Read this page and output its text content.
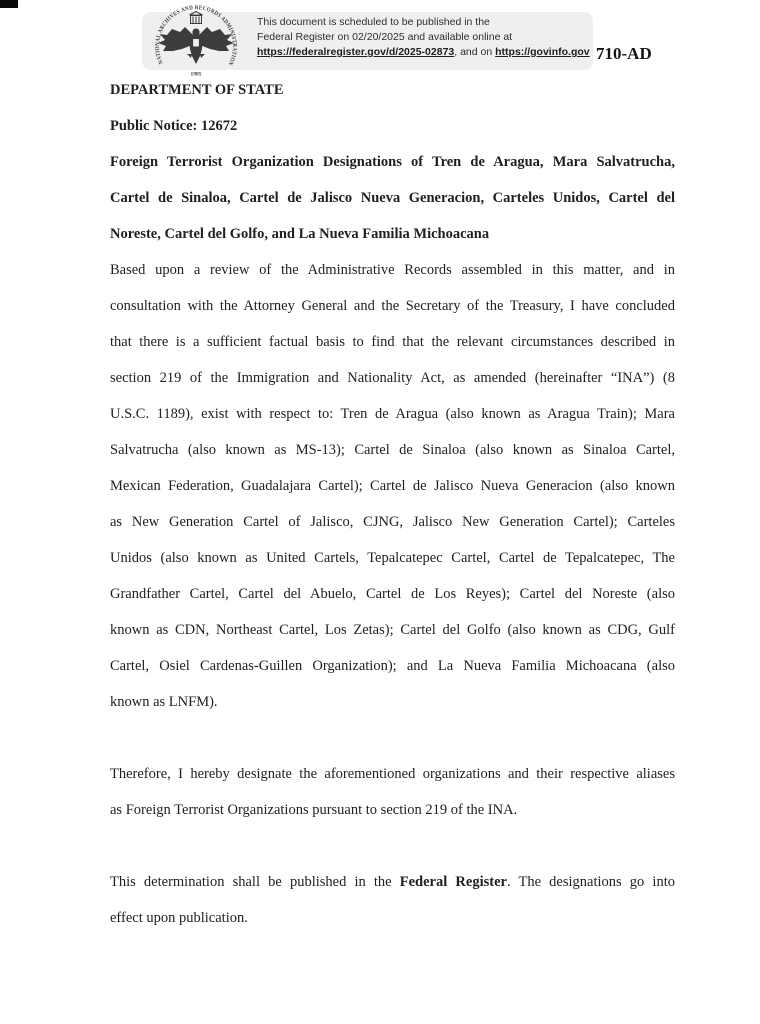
This document is scheduled to be published in the
Federal Register on 02/20/2025 and available online at
https://federalregister.gov/d/2025-02873, and on https://govinfo.gov
NATIONAL ARCHIVES AND RECORDS ADMINISTRATION
1985
710-AD
DEPARTMENT OF STATE
Public Notice: 12672
Foreign Terrorist Organization Designations of Tren de Aragua, Mara Salvatrucha,
Cartel de Sinaloa, Cartel de Jalisco Nueva Generacion, Carteles Unidos, Cartel del
Noreste, Cartel del Golfo, and La Nueva Familia Michoacana
Based upon a review of the Administrative Records assembled in this matter, and in
consultation with the Attorney General and the Secretary of the Treasury, I have concluded
that there is a sufficient factual basis to find that the relevant circumstances described in
section 219 of the Immigration and Nationality Act, as amended (hereinafter “INA”) (8
U.S.C. 1189), exist with respect to: Tren de Aragua (also known as Aragua Train); Mara
Salvatrucha (also known as MS-13); Cartel de Sinaloa (also known as Sinaloa Cartel,
Mexican Federation, Guadalajara Cartel); Cartel de Jalisco Nueva Generacion (also known
as New Generation Cartel of Jalisco, CJNG, Jalisco New Generation Cartel); Carteles
Unidos (also known as United Cartels, Tepalcatepec Cartel, Cartel de Tepalcatepec, The
Grandfather Cartel, Cartel del Abuelo, Cartel de Los Reyes); Cartel del Noreste (also
known as CDN, Northeast Cartel, Los Zetas); Cartel del Golfo (also known as CDG, Gulf
Cartel, Osiel Cardenas-Guillen Organization); and La Nueva Familia Michoacana (also
known as LNFM).
Therefore, I hereby designate the aforementioned organizations and their respective aliases
as Foreign Terrorist Organizations pursuant to section 219 of the INA.
This determination shall be published in the Federal Register. The designations go into
effect upon publication.
